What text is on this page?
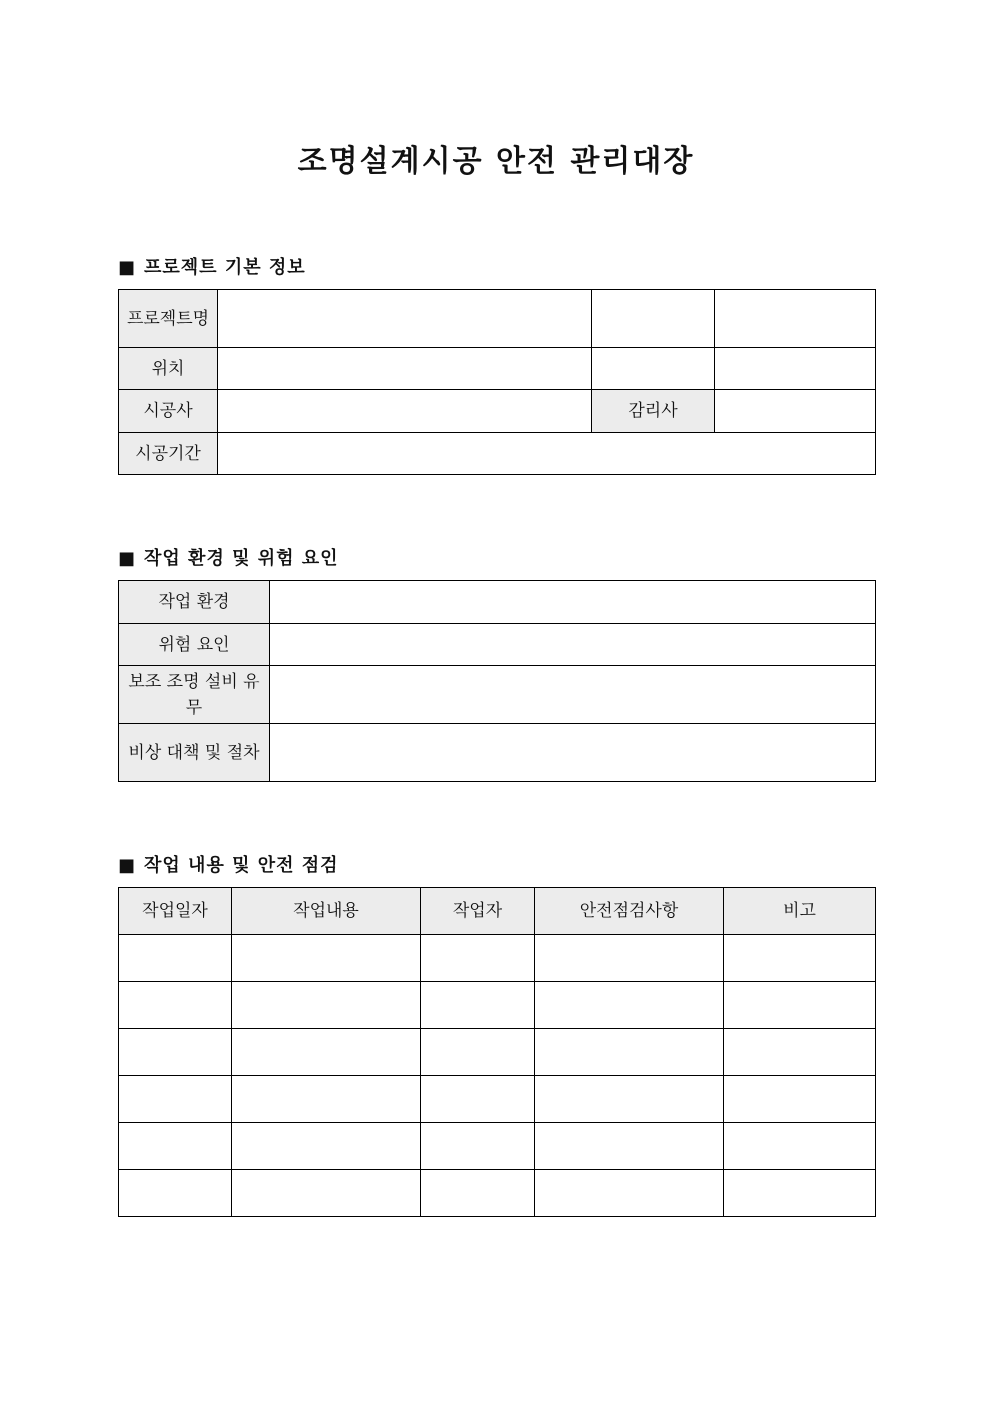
조명설계시공 안전 관리대장
■ 프로젝트 기본 정보
프로젝트명			
위치			
시공사		감리사	
시공기간			
■ 작업 환경 및 위험 요인
작업 환경	
위험 요인	
보조 조명 설비 유무	
비상 대책 및 절차	
■ 작업 내용 및 안전 점검
작업일자	작업내용	작업자	안전점검사항	비고
